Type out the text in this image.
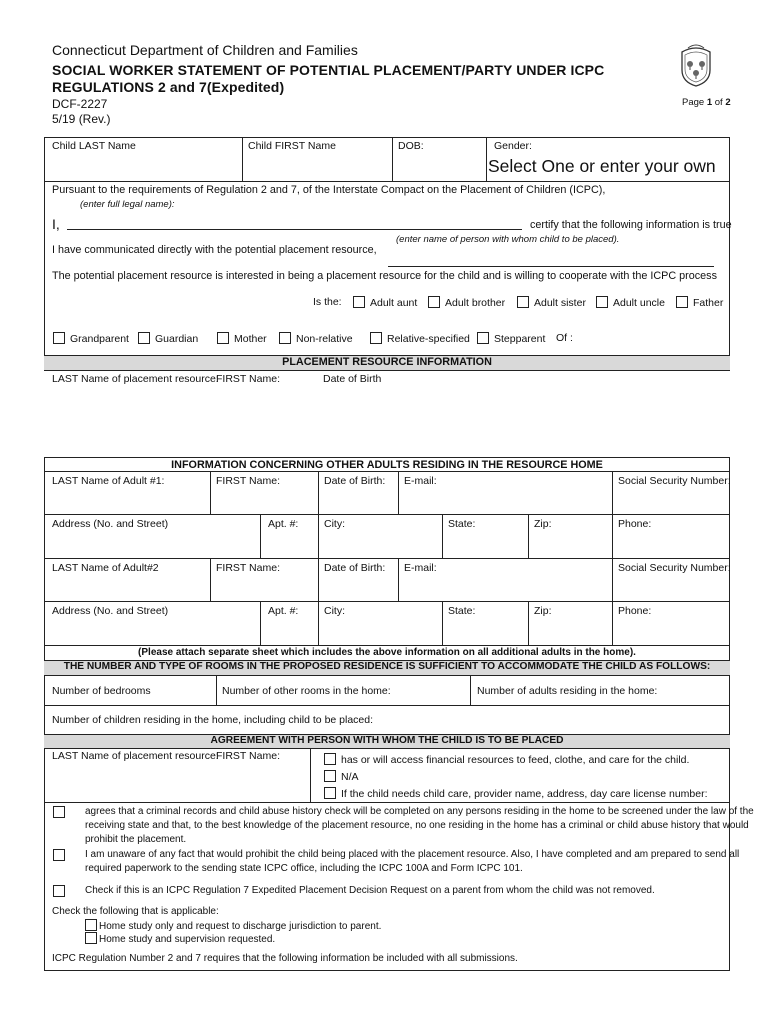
Connecticut Department of Children and Families
SOCIAL WORKER STATEMENT OF POTENTIAL PLACEMENT/PARTY UNDER ICPC
REGULATIONS 2 and 7(Expedited)
DCF-2227
5/19 (Rev.)
Page 1 of 2
Child LAST Name	Child FIRST Name	DOB:	Gender:
Select One or enter your own
Pursuant to the requirements of Regulation 2 and 7, of the Interstate Compact on the Placement of Children (ICPC),
(enter full legal name):
I,	certify that the following information is true
(enter name of person with whom child to be placed).
I have communicated directly with the potential placement resource,
The potential placement resource is interested in being a placement resource for the child and is willing to cooperate with the ICPC process
Is the:	Adult aunt	Adult brother	Adult sister	Adult uncle	Father
Grandparent	Guardian	Mother	Non-relative	Relative-specified	Stepparent Of :
PLACEMENT RESOURCE INFORMATION
LAST Name of placement resource:
FIRST Name:	Date of Birth
INFORMATION CONCERNING OTHER ADULTS RESIDING IN THE RESOURCE HOME
LAST Name of Adult #1:	FIRST Name:	Date of Birth: E-mail:	Social Security Number:
Address (No. and Street)	Apt. #: City:	State:	Zip:	Phone:
LAST Name of Adult#2	FIRST Name:	Date of Birth: E-mail:	Social Security Number:
Address (No. and Street)	Apt. #: City:	State:	Zip:	Phone:
(Please attach separate sheet which includes the above information on all additional adults in the home).
THE NUMBER AND TYPE OF ROOMS IN THE PROPOSED RESIDENCE IS SUFFICIENT TO ACCOMMODATE THE CHILD AS FOLLOWS:
Number of bedrooms	Number of other rooms in the home:	Number of adults residing in the home:
Number of children residing in the home, including child to be placed:
AGREEMENT WITH PERSON WITH WHOM THE CHILD IS TO BE PLACED
LAST Name of placement resource:
FIRST Name:	has or will access financial resources to feed, clothe, and care for the child.
N/A
If the child needs child care, provider name, address, day care license number:
agrees that a criminal records and child abuse history check will be completed on any persons residing in the home to be screened under the law of the
receiving state and that, to the best knowledge of the placement resource, no one residing in the home has a criminal or child abuse history that would
prohibit the placement.
I am unaware of any fact that would prohibit the child being placed with the placement resource. Also, I have completed and am prepared to send all
required paperwork to the sending state ICPC office, including the ICPC 100A and Form ICPC 101.
Check if this is an ICPC Regulation 7 Expedited Placement Decision Request on a parent from whom the child was not removed.
Check the following that is applicable:
Home study only and request to discharge jurisdiction to parent.
Home study and supervision requested.
ICPC Regulation Number 2 and 7 requires that the following information be included with all submissions.
